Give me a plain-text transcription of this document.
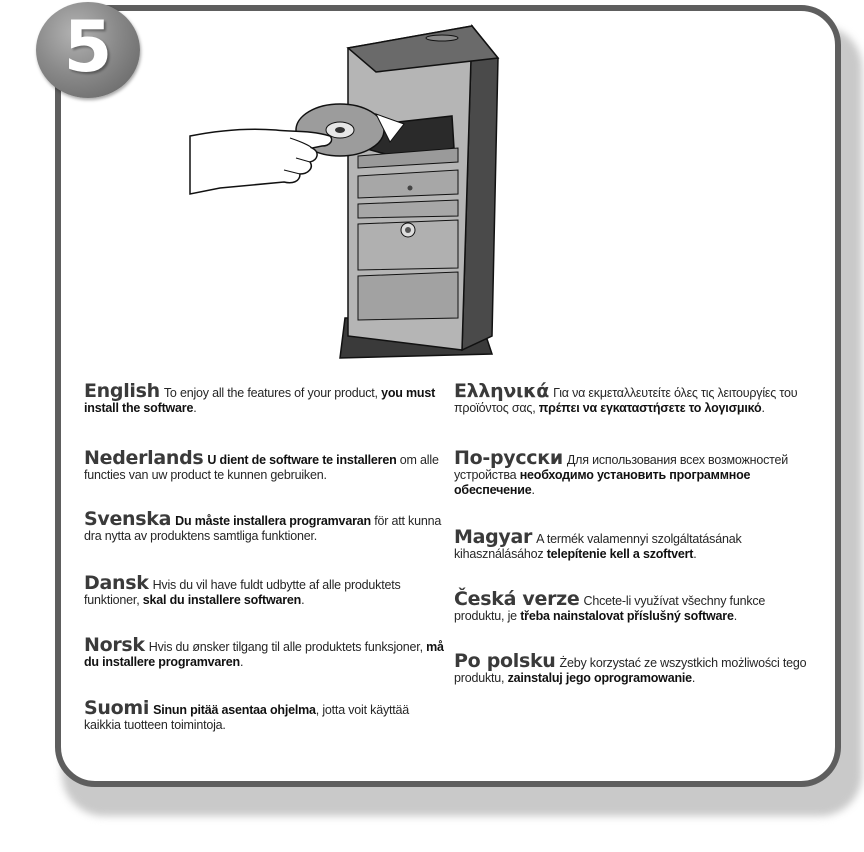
5

English To enjoy all the features of your product, you must install the software.

Nederlands U dient de software te installeren om alle functies van uw product te kunnen gebruiken.

Svenska Du måste installera programvaran för att kunna dra nytta av produktens samtliga funktioner.

Dansk Hvis du vil have fuldt udbytte af alle produktets funktioner, skal du installere softwaren.

Norsk Hvis du ønsker tilgang til alle produktets funksjoner, må du installere programvaren.

Suomi Sinun pitää asentaa ohjelma, jotta voit käyttää kaikkia tuotteen toimintoja.

Ελληνικά Για να εκμεταλλευτείτε όλες τις λειτουργίες του προϊόντος σας, πρέπει να εγκαταστήσετε το λογισμικό.

По-русски Для использования всех возможностей устройства необходимо установить программное обеспечение.

Magyar A termék valamennyi szolgáltatásának kihasználásához telepítenie kell a szoftvert.

Česká verze Chcete-li využívat všechny funkce produktu, je třeba nainstalovat příslušný software.

Po polsku Żeby korzystać ze wszystkich możliwości tego produktu, zainstaluj jego oprogramowanie.
